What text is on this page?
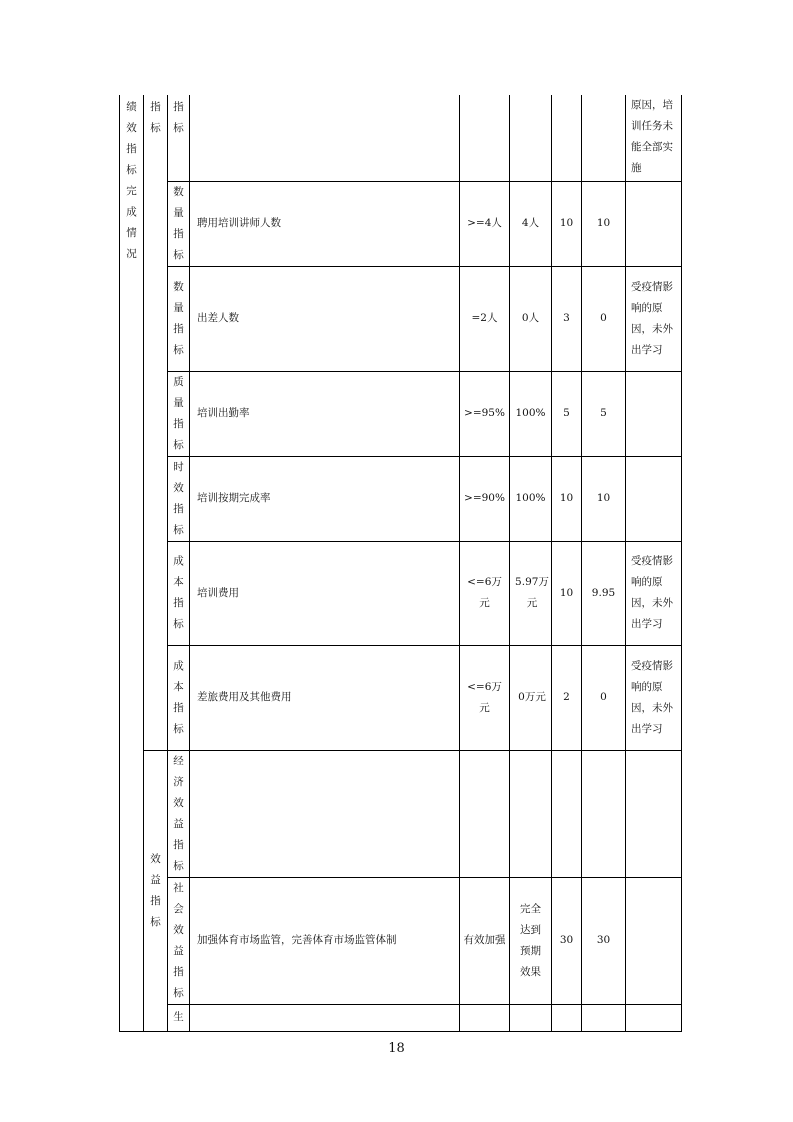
绩效指标完成情况	指标	指标						原因，培训任务未能全部实施

		数量指标	聘用培训讲师人数	>=4人	4人	10	10	

		数量指标	出差人数	=2人	0人	3	0	受疫情影响的原因，未外出学习

		质量指标	培训出勤率	>=95%	100%	5	5	

		时效指标	培训按期完成率	>=90%	100%	10	10	

		成本指标	培训费用	<=6万元	5.97万元	10	9.95	受疫情影响的原因，未外出学习

		成本指标	差旅费用及其他费用	<=6万元	0万元	2	0	受疫情影响的原因，未外出学习

	效益指标	经济效益指标						

		社会效益指标	加强体育市场监管，完善体育市场监管体制	有效加强	完全达到预期效果	30	30	

		生						

18
